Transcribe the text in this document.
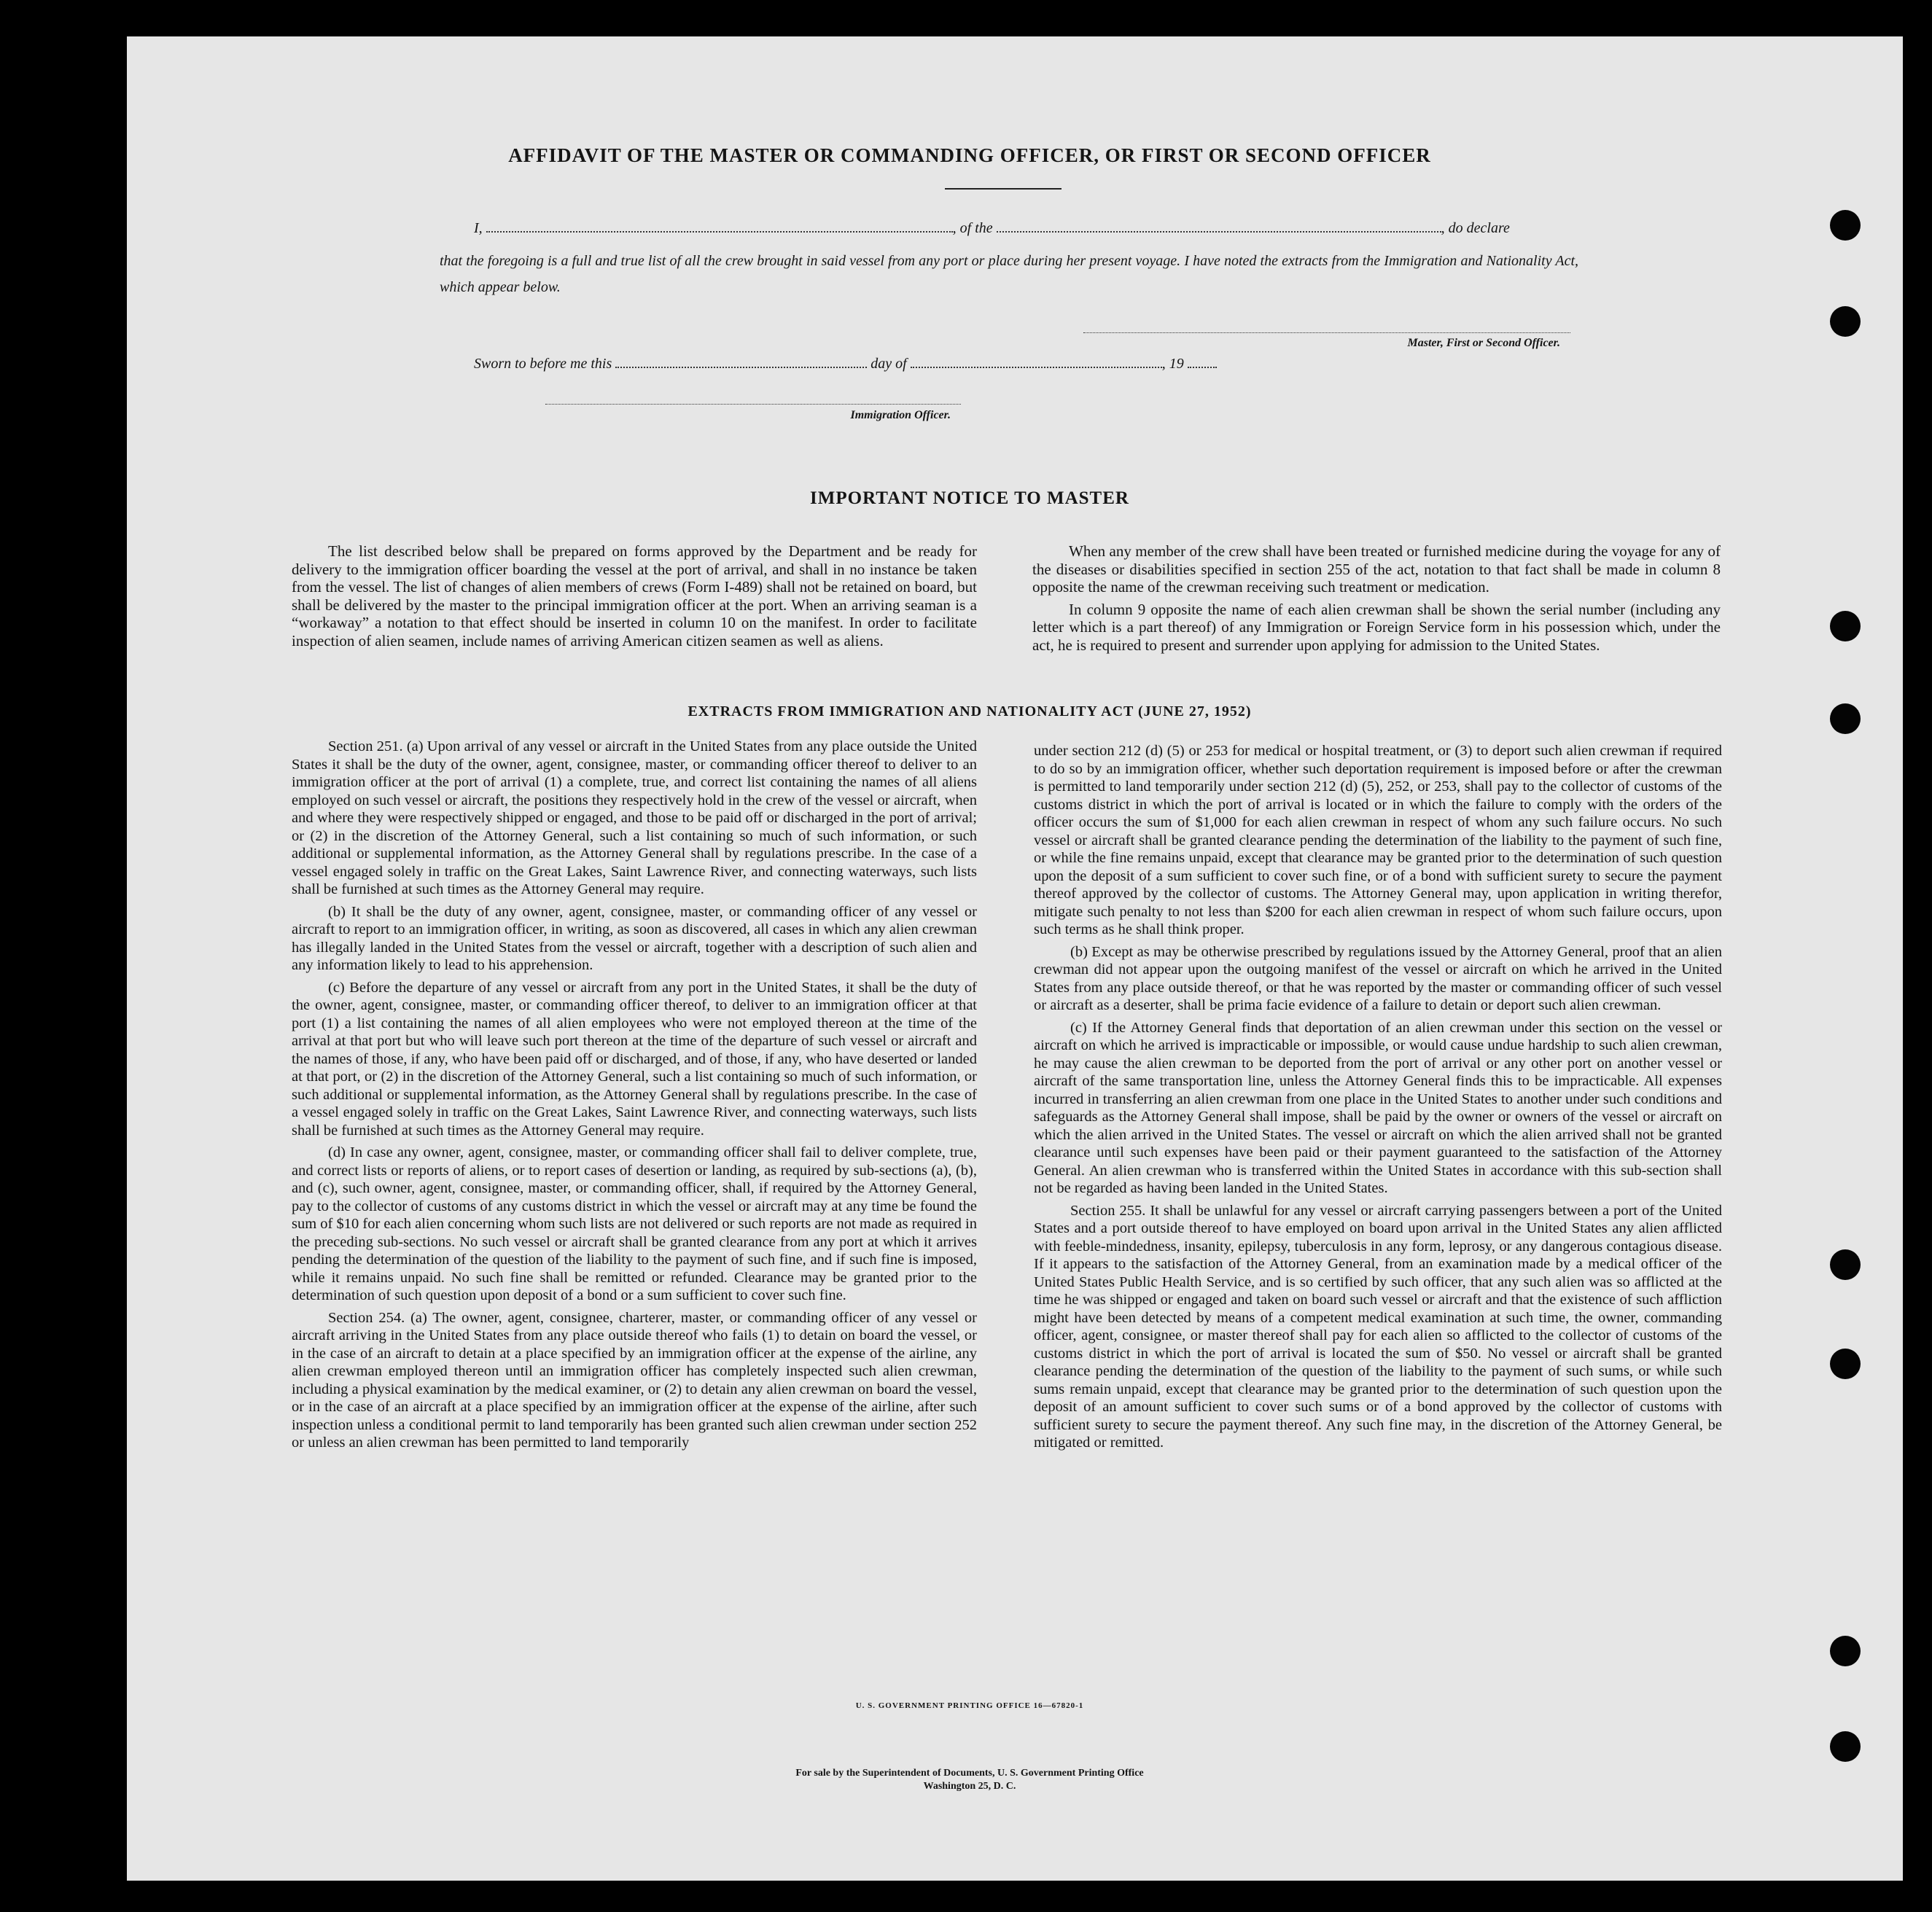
AFFIDAVIT OF THE MASTER OR COMMANDING OFFICER, OR FIRST OR SECOND OFFICER
I,	, of the	, do declare
that the foregoing is a full and true list of all the crew brought in said vessel from any port or place during her present voyage. I have noted the extracts from the Immigration and Nationality Act, which appear below.
Master, First or Second Officer.
Sworn to before me this	day of	, 19
Immigration Officer.
IMPORTANT NOTICE TO MASTER

The list described below shall be prepared on forms approved by the Department and be ready for delivery to the immigration officer boarding the vessel at the port of arrival, and shall in no instance be taken from the vessel. The list of changes of alien members of crews (Form I-489) shall not be retained on board, but shall be delivered by the master to the principal immigration officer at the port. When an arriving seaman is a “workaway” a notation to that effect should be inserted in column 10 on the manifest. In order to facilitate inspection of alien seamen, include names of arriving American citizen seamen as well as aliens.

When any member of the crew shall have been treated or furnished medicine during the voyage for any of the diseases or disabilities specified in section 255 of the act, notation to that fact shall be made in column 8 opposite the name of the crewman receiving such treatment or medication.

In column 9 opposite the name of each alien crewman shall be shown the serial number (including any letter which is a part thereof) of any Immigration or Foreign Service form in his possession which, under the act, he is required to present and surrender upon applying for admission to the United States.

EXTRACTS FROM IMMIGRATION AND NATIONALITY ACT (JUNE 27, 1952)

Section 251. (a) Upon arrival of any vessel or aircraft in the United States from any place outside the United States it shall be the duty of the owner, agent, consignee, master, or commanding officer thereof to deliver to an immigration officer at the port of arrival (1) a complete, true, and correct list containing the names of all aliens employed on such vessel or aircraft, the positions they respectively hold in the crew of the vessel or aircraft, when and where they were respectively shipped or engaged, and those to be paid off or discharged in the port of arrival; or (2) in the discretion of the Attorney General, such a list containing so much of such information, or such additional or supplemental information, as the Attorney General shall by regulations prescribe. In the case of a vessel engaged solely in traffic on the Great Lakes, Saint Lawrence River, and connecting waterways, such lists shall be furnished at such times as the Attorney General may require.

(b) It shall be the duty of any owner, agent, consignee, master, or commanding officer of any vessel or aircraft to report to an immigration officer, in writing, as soon as discovered, all cases in which any alien crewman has illegally landed in the United States from the vessel or aircraft, together with a description of such alien and any information likely to lead to his apprehension.

(c) Before the departure of any vessel or aircraft from any port in the United States, it shall be the duty of the owner, agent, consignee, master, or commanding officer thereof, to deliver to an immigration officer at that port (1) a list containing the names of all alien employees who were not employed thereon at the time of the arrival at that port but who will leave such port thereon at the time of the departure of such vessel or aircraft and the names of those, if any, who have been paid off or discharged, and of those, if any, who have deserted or landed at that port, or (2) in the discretion of the Attorney General, such a list containing so much of such information, or such additional or supplemental information, as the Attorney General shall by regulations prescribe. In the case of a vessel engaged solely in traffic on the Great Lakes, Saint Lawrence River, and connecting waterways, such lists shall be furnished at such times as the Attorney General may require.

(d) In case any owner, agent, consignee, master, or commanding officer shall fail to deliver complete, true, and correct lists or reports of aliens, or to report cases of desertion or landing, as required by sub-sections (a), (b), and (c), such owner, agent, consignee, master, or commanding officer, shall, if required by the Attorney General, pay to the collector of customs of any customs district in which the vessel or aircraft may at any time be found the sum of $10 for each alien concerning whom such lists are not delivered or such reports are not made as required in the preceding sub-sections. No such vessel or aircraft shall be granted clearance from any port at which it arrives pending the determination of the question of the liability to the payment of such fine, and if such fine is imposed, while it remains unpaid. No such fine shall be remitted or refunded. Clearance may be granted prior to the determination of such question upon deposit of a bond or a sum sufficient to cover such fine.

Section 254. (a) The owner, agent, consignee, charterer, master, or commanding officer of any vessel or aircraft arriving in the United States from any place outside thereof who fails (1) to detain on board the vessel, or in the case of an aircraft to detain at a place specified by an immigration officer at the expense of the airline, any alien crewman employed thereon until an immigration officer has completely inspected such alien crewman, including a physical examination by the medical examiner, or (2) to detain any alien crewman on board the vessel, or in the case of an aircraft at a place specified by an immigration officer at the expense of the airline, after such inspection unless a conditional permit to land temporarily has been granted such alien crewman under section 252 or unless an alien crewman has been permitted to land temporarily

under section 212 (d) (5) or 253 for medical or hospital treatment, or (3) to deport such alien crewman if required to do so by an immigration officer, whether such deportation requirement is imposed before or after the crewman is permitted to land temporarily under section 212 (d) (5), 252, or 253, shall pay to the collector of customs of the customs district in which the port of arrival is located or in which the failure to comply with the orders of the officer occurs the sum of $1,000 for each alien crewman in respect of whom any such failure occurs. No such vessel or aircraft shall be granted clearance pending the determination of the liability to the payment of such fine, or while the fine remains unpaid, except that clearance may be granted prior to the determination of such question upon the deposit of a sum sufficient to cover such fine, or of a bond with sufficient surety to secure the payment thereof approved by the collector of customs. The Attorney General may, upon application in writing therefor, mitigate such penalty to not less than $200 for each alien crewman in respect of whom such failure occurs, upon such terms as he shall think proper.

(b) Except as may be otherwise prescribed by regulations issued by the Attorney General, proof that an alien crewman did not appear upon the outgoing manifest of the vessel or aircraft on which he arrived in the United States from any place outside thereof, or that he was reported by the master or commanding officer of such vessel or aircraft as a deserter, shall be prima facie evidence of a failure to detain or deport such alien crewman.

(c) If the Attorney General finds that deportation of an alien crewman under this section on the vessel or aircraft on which he arrived is impracticable or impossible, or would cause undue hardship to such alien crewman, he may cause the alien crewman to be deported from the port of arrival or any other port on another vessel or aircraft of the same transportation line, unless the Attorney General finds this to be impracticable. All expenses incurred in transferring an alien crewman from one place in the United States to another under such conditions and safeguards as the Attorney General shall impose, shall be paid by the owner or owners of the vessel or aircraft on which the alien arrived in the United States. The vessel or aircraft on which the alien arrived shall not be granted clearance until such expenses have been paid or their payment guaranteed to the satisfaction of the Attorney General. An alien crewman who is transferred within the United States in accordance with this sub-section shall not be regarded as having been landed in the United States.

Section 255. It shall be unlawful for any vessel or aircraft carrying passengers between a port of the United States and a port outside thereof to have employed on board upon arrival in the United States any alien afflicted with feeble-mindedness, insanity, epilepsy, tuberculosis in any form, leprosy, or any dangerous contagious disease. If it appears to the satisfaction of the Attorney General, from an examination made by a medical officer of the United States Public Health Service, and is so certified by such officer, that any such alien was so afflicted at the time he was shipped or engaged and taken on board such vessel or aircraft and that the existence of such affliction might have been detected by means of a competent medical examination at such time, the owner, commanding officer, agent, consignee, or master thereof shall pay for each alien so afflicted to the collector of customs of the customs district in which the port of arrival is located the sum of $50. No vessel or aircraft shall be granted clearance pending the determination of the question of the liability to the payment of such sums, or while such sums remain unpaid, except that clearance may be granted prior to the determination of such question upon the deposit of an amount sufficient to cover such sums or of a bond approved by the collector of customs with sufficient surety to secure the payment thereof. Any such fine may, in the discretion of the Attorney General, be mitigated or remitted.

U. S. GOVERNMENT PRINTING OFFICE 16—67820-1
For sale by the Superintendent of Documents, U. S. Government Printing Office
Washington 25, D. C.
